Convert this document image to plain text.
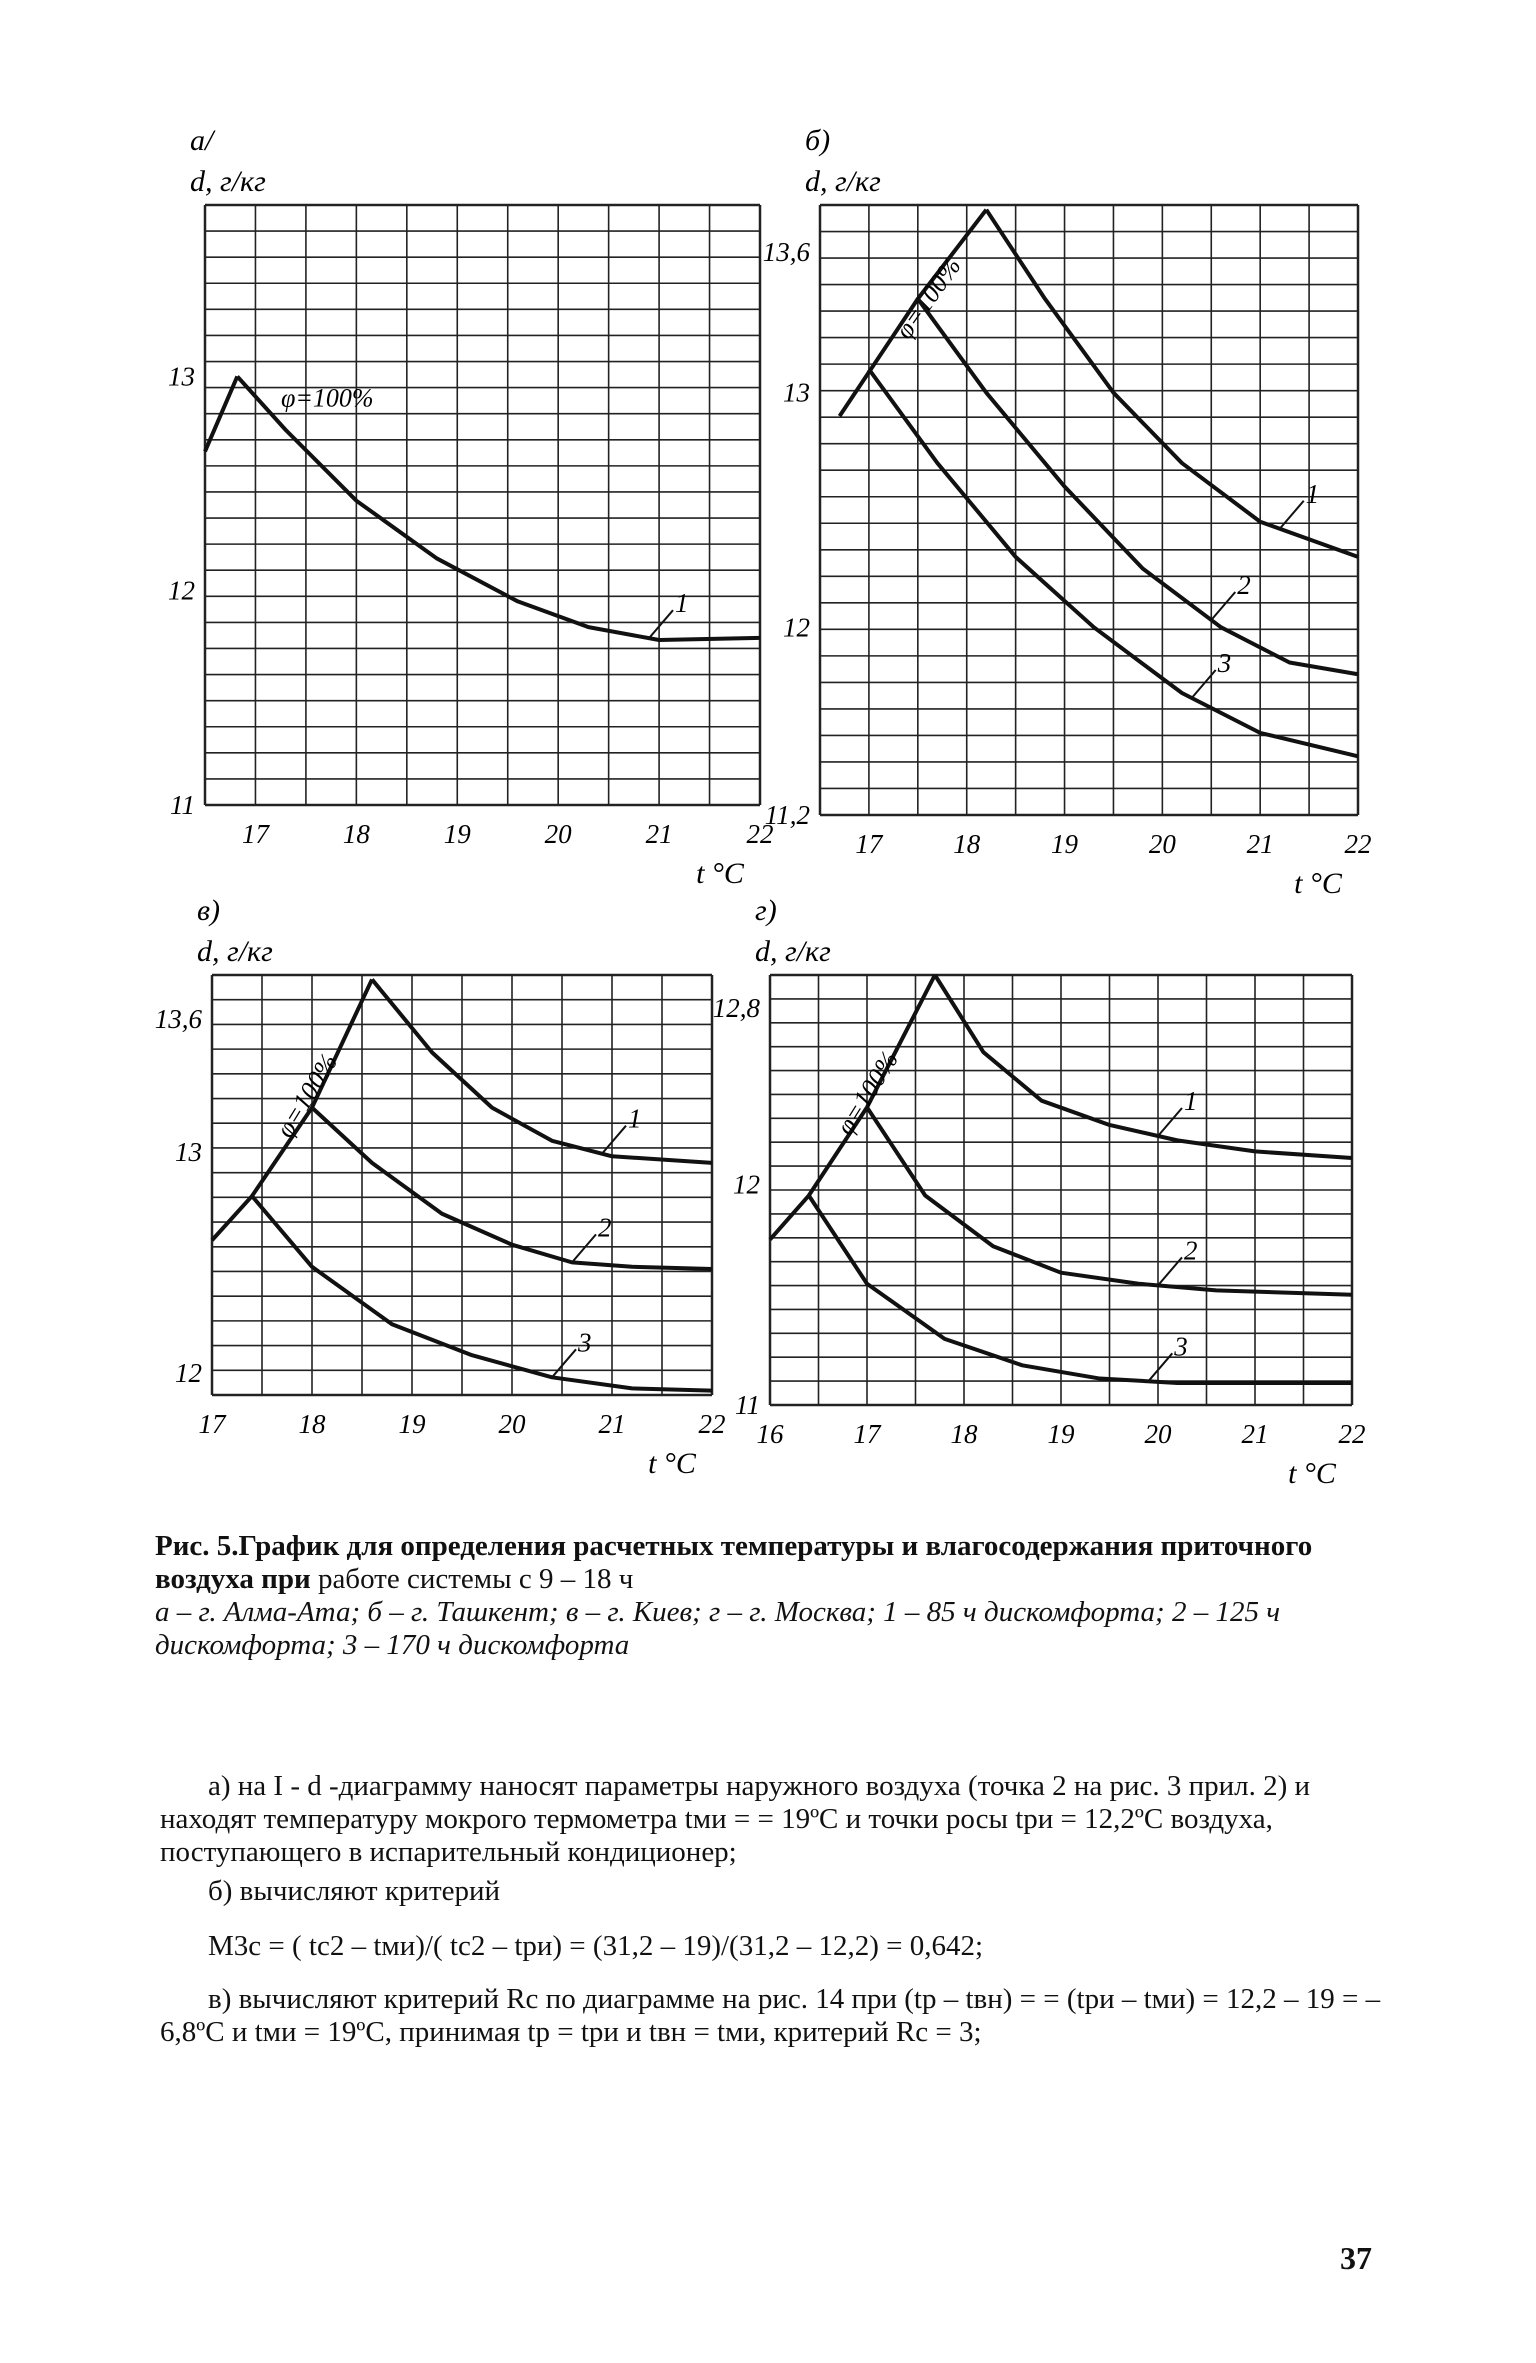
а/
d, г/кг
13
12
11
17	18	19	20	21	22
t °С
φ=100%
1
б)
d, г/кг
13,6
13
12
11,2
17	18	19	20	21	22
t °С
φ=100%
1
2
3
в)
d, г/кг
13,6
13
12
17	18	19	20	21	22
t °С
φ=100%	1
2
3
г)
d, г/кг
12,8
12
11
16	17	18	19	20	21	22
t °С
φ=100%	1
2
3
Рис. 5.График для определения расчетных температуры и влагосодержания приточного воздуха при работе системы с 9 – 18 ч
а – г. Алма-Ата; б – г. Ташкент; в – г. Киев; г – г. Москва; 1 – 85 ч дискомфорта; 2 – 125 ч дискомфорта; 3 – 170 ч дискомфорта

а) на I - d -диаграмму наносят параметры наружного воздуха (точка 2 на рис. 3 прил. 2) и находят температуру мокрого термометра tми = = 19ºС и точки росы tри = 12,2ºС воздуха, поступающего в испарительный кондиционер;

б) вычисляют критерий

М3с = ( tс2 – tми)/( tс2 – tри) = (31,2 – 19)/(31,2 – 12,2) = 0,642;

в) вычисляют критерий Rс по диаграмме на рис. 14 при (tр – tвн) = = (tри – tми) = 12,2 – 19 = –6,8ºС и tми = 19ºС, принимая tр = tри и tвн = tми, критерий Rс = 3;

37
